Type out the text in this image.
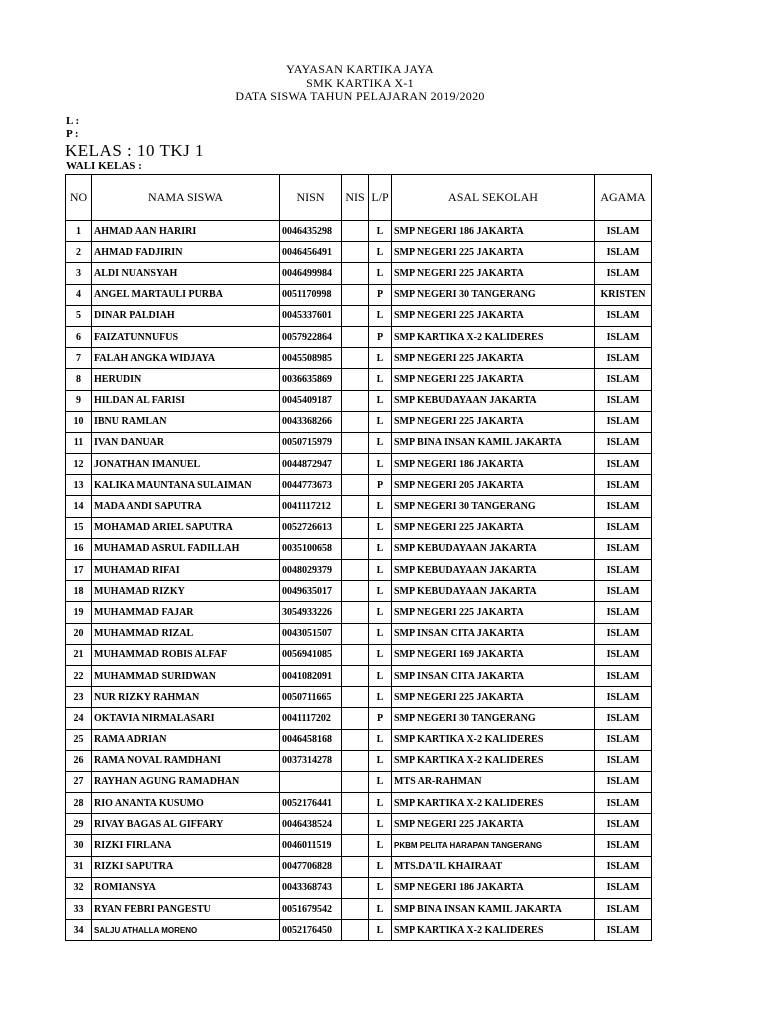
YAYASAN KARTIKA JAYA
SMK KARTIKA X-1
DATA SISWA TAHUN PELAJARAN 2019/2020
L :
P :
KELAS : 10 TKJ 1
WALI KELAS :
NO	NAMA SISWA	NISN	NIS	L/P	ASAL SEKOLAH	AGAMA
1	AHMAD AAN HARIRI	0046435298		L	SMP NEGERI 186 JAKARTA	ISLAM
2	AHMAD FADJIRIN	0046456491		L	SMP NEGERI 225 JAKARTA	ISLAM
3	ALDI NUANSYAH	0046499984		L	SMP NEGERI 225 JAKARTA	ISLAM
4	ANGEL MARTAULI PURBA	0051170998		P	SMP NEGERI 30 TANGERANG	KRISTEN
5	DINAR PALDIAH	0045337601		L	SMP NEGERI 225 JAKARTA	ISLAM
6	FAIZATUNNUFUS	0057922864		P	SMP KARTIKA X-2 KALIDERES	ISLAM
7	FALAH ANGKA WIDJAYA	0045508985		L	SMP NEGERI 225 JAKARTA	ISLAM
8	HERUDIN	0036635869		L	SMP NEGERI 225 JAKARTA	ISLAM
9	HILDAN AL FARISI	0045409187		L	SMP KEBUDAYAAN JAKARTA	ISLAM
10	IBNU RAMLAN	0043368266		L	SMP NEGERI 225 JAKARTA	ISLAM
11	IVAN DANUAR	0050715979		L	SMP BINA INSAN KAMIL JAKARTA	ISLAM
12	JONATHAN IMANUEL	0044872947		L	SMP NEGERI 186 JAKARTA	ISLAM
13	KALIKA MAUNTANA SULAIMAN	0044773673		P	SMP NEGERI 205 JAKARTA	ISLAM
14	MADA ANDI SAPUTRA	0041117212		L	SMP NEGERI 30 TANGERANG	ISLAM
15	MOHAMAD ARIEL SAPUTRA	0052726613		L	SMP NEGERI 225 JAKARTA	ISLAM
16	MUHAMAD ASRUL FADILLAH	0035100658		L	SMP KEBUDAYAAN JAKARTA	ISLAM
17	MUHAMAD RIFAI	0048029379		L	SMP KEBUDAYAAN JAKARTA	ISLAM
18	MUHAMAD RIZKY	0049635017		L	SMP KEBUDAYAAN JAKARTA	ISLAM
19	MUHAMMAD FAJAR	3054933226		L	SMP NEGERI 225 JAKARTA	ISLAM
20	MUHAMMAD RIZAL	0043051507		L	SMP INSAN CITA JAKARTA	ISLAM
21	MUHAMMAD ROBIS ALFAF	0056941085		L	SMP NEGERI 169 JAKARTA	ISLAM
22	MUHAMMAD SURIDWAN	0041082091		L	SMP INSAN CITA JAKARTA	ISLAM
23	NUR RIZKY RAHMAN	0050711665		L	SMP NEGERI 225 JAKARTA	ISLAM
24	OKTAVIA NIRMALASARI	0041117202		P	SMP NEGERI 30 TANGERANG	ISLAM
25	RAMA ADRIAN	0046458168		L	SMP KARTIKA X-2 KALIDERES	ISLAM
26	RAMA NOVAL RAMDHANI	0037314278		L	SMP KARTIKA X-2 KALIDERES	ISLAM
27	RAYHAN AGUNG RAMADHAN			L	MTS AR-RAHMAN	ISLAM
28	RIO ANANTA KUSUMO	0052176441		L	SMP KARTIKA X-2 KALIDERES	ISLAM
29	RIVAY BAGAS AL GIFFARY	0046438524		L	SMP NEGERI 225 JAKARTA	ISLAM
30	RIZKI FIRLANA	0046011519		L	PKBM PELITA HARAPAN TANGERANG	ISLAM
31	RIZKI SAPUTRA	0047706828		L	MTS.DA'IL KHAIRAAT	ISLAM
32	ROMIANSYA	0043368743		L	SMP NEGERI 186 JAKARTA	ISLAM
33	RYAN FEBRI PANGESTU	0051679542		L	SMP BINA INSAN KAMIL JAKARTA	ISLAM
34	SALJU ATHALLA MORENO	0052176450		L	SMP KARTIKA X-2 KALIDERES	ISLAM
